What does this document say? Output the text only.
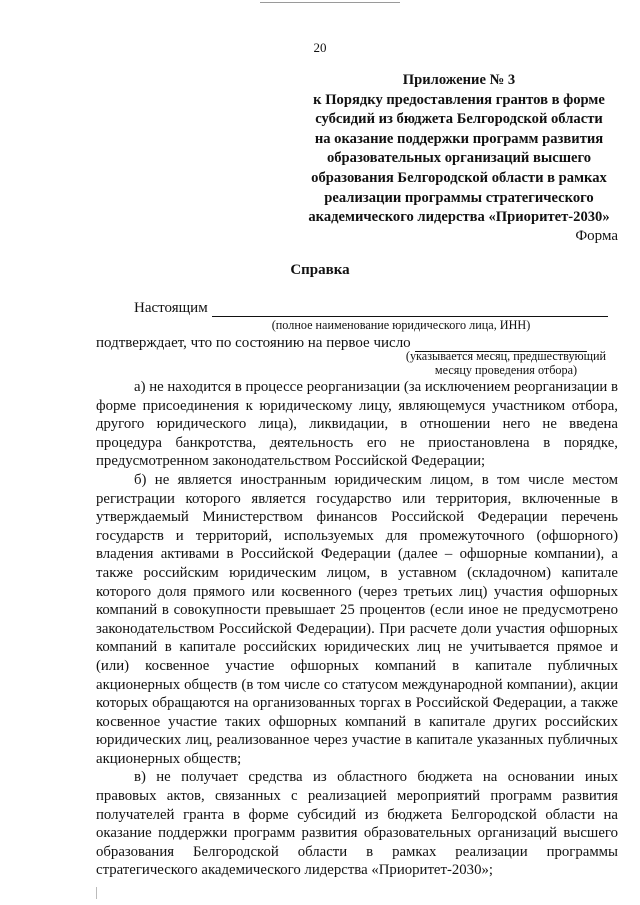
20
Приложение № 3
к Порядку предоставления грантов в форме
субсидий из бюджета Белгородской области
на оказание поддержки программ развития
образовательных организаций высшего
образования Белгородской области в рамках
реализации программы стратегического
академического лидерства «Приоритет-2030»
Форма
Справка
Настоящим
(полное наименование юридического лица, ИНН)
подтверждает, что по состоянию на первое число
(указывается месяц, предшествующий
месяцу проведения отбора)

а) не находится в процессе реорганизации (за исключением реорганизации в форме присоединения к юридическому лицу, являющемуся участником отбора, другого юридического лица), ликвидации, в отношении него не введена процедура банкротства, деятельность его не приостановлена в порядке, предусмотренном законодательством Российской Федерации;

б) не является иностранным юридическим лицом, в том числе местом регистрации которого является государство или территория, включенные в утверждаемый Министерством финансов Российской Федерации перечень государств и территорий, используемых для промежуточного (офшорного) владения активами в Российской Федерации (далее – офшорные компании), а также российским юридическим лицом, в уставном (складочном) капитале которого доля прямого или косвенного (через третьих лиц) участия офшорных компаний в совокупности превышает 25 процентов (если иное не предусмотрено законодательством Российской Федерации). При расчете доли участия офшорных компаний в капитале российских юридических лиц не учитывается прямое и (или) косвенное участие офшорных компаний в капитале публичных акционерных обществ (в том числе со статусом международной компании), акции которых обращаются на организованных торгах в Российской Федерации, а также косвенное участие таких офшорных компаний в капитале других российских юридических лиц, реализованное через участие в капитале указанных публичных акционерных обществ;

в) не получает средства из областного бюджета на основании иных правовых актов, связанных с реализацией мероприятий программ развития получателей гранта в форме субсидий из бюджета Белгородской области на оказание поддержки программ развития образовательных организаций высшего образования Белгородской области в рамках реализации программы стратегического академического лидерства «Приоритет-2030»;
